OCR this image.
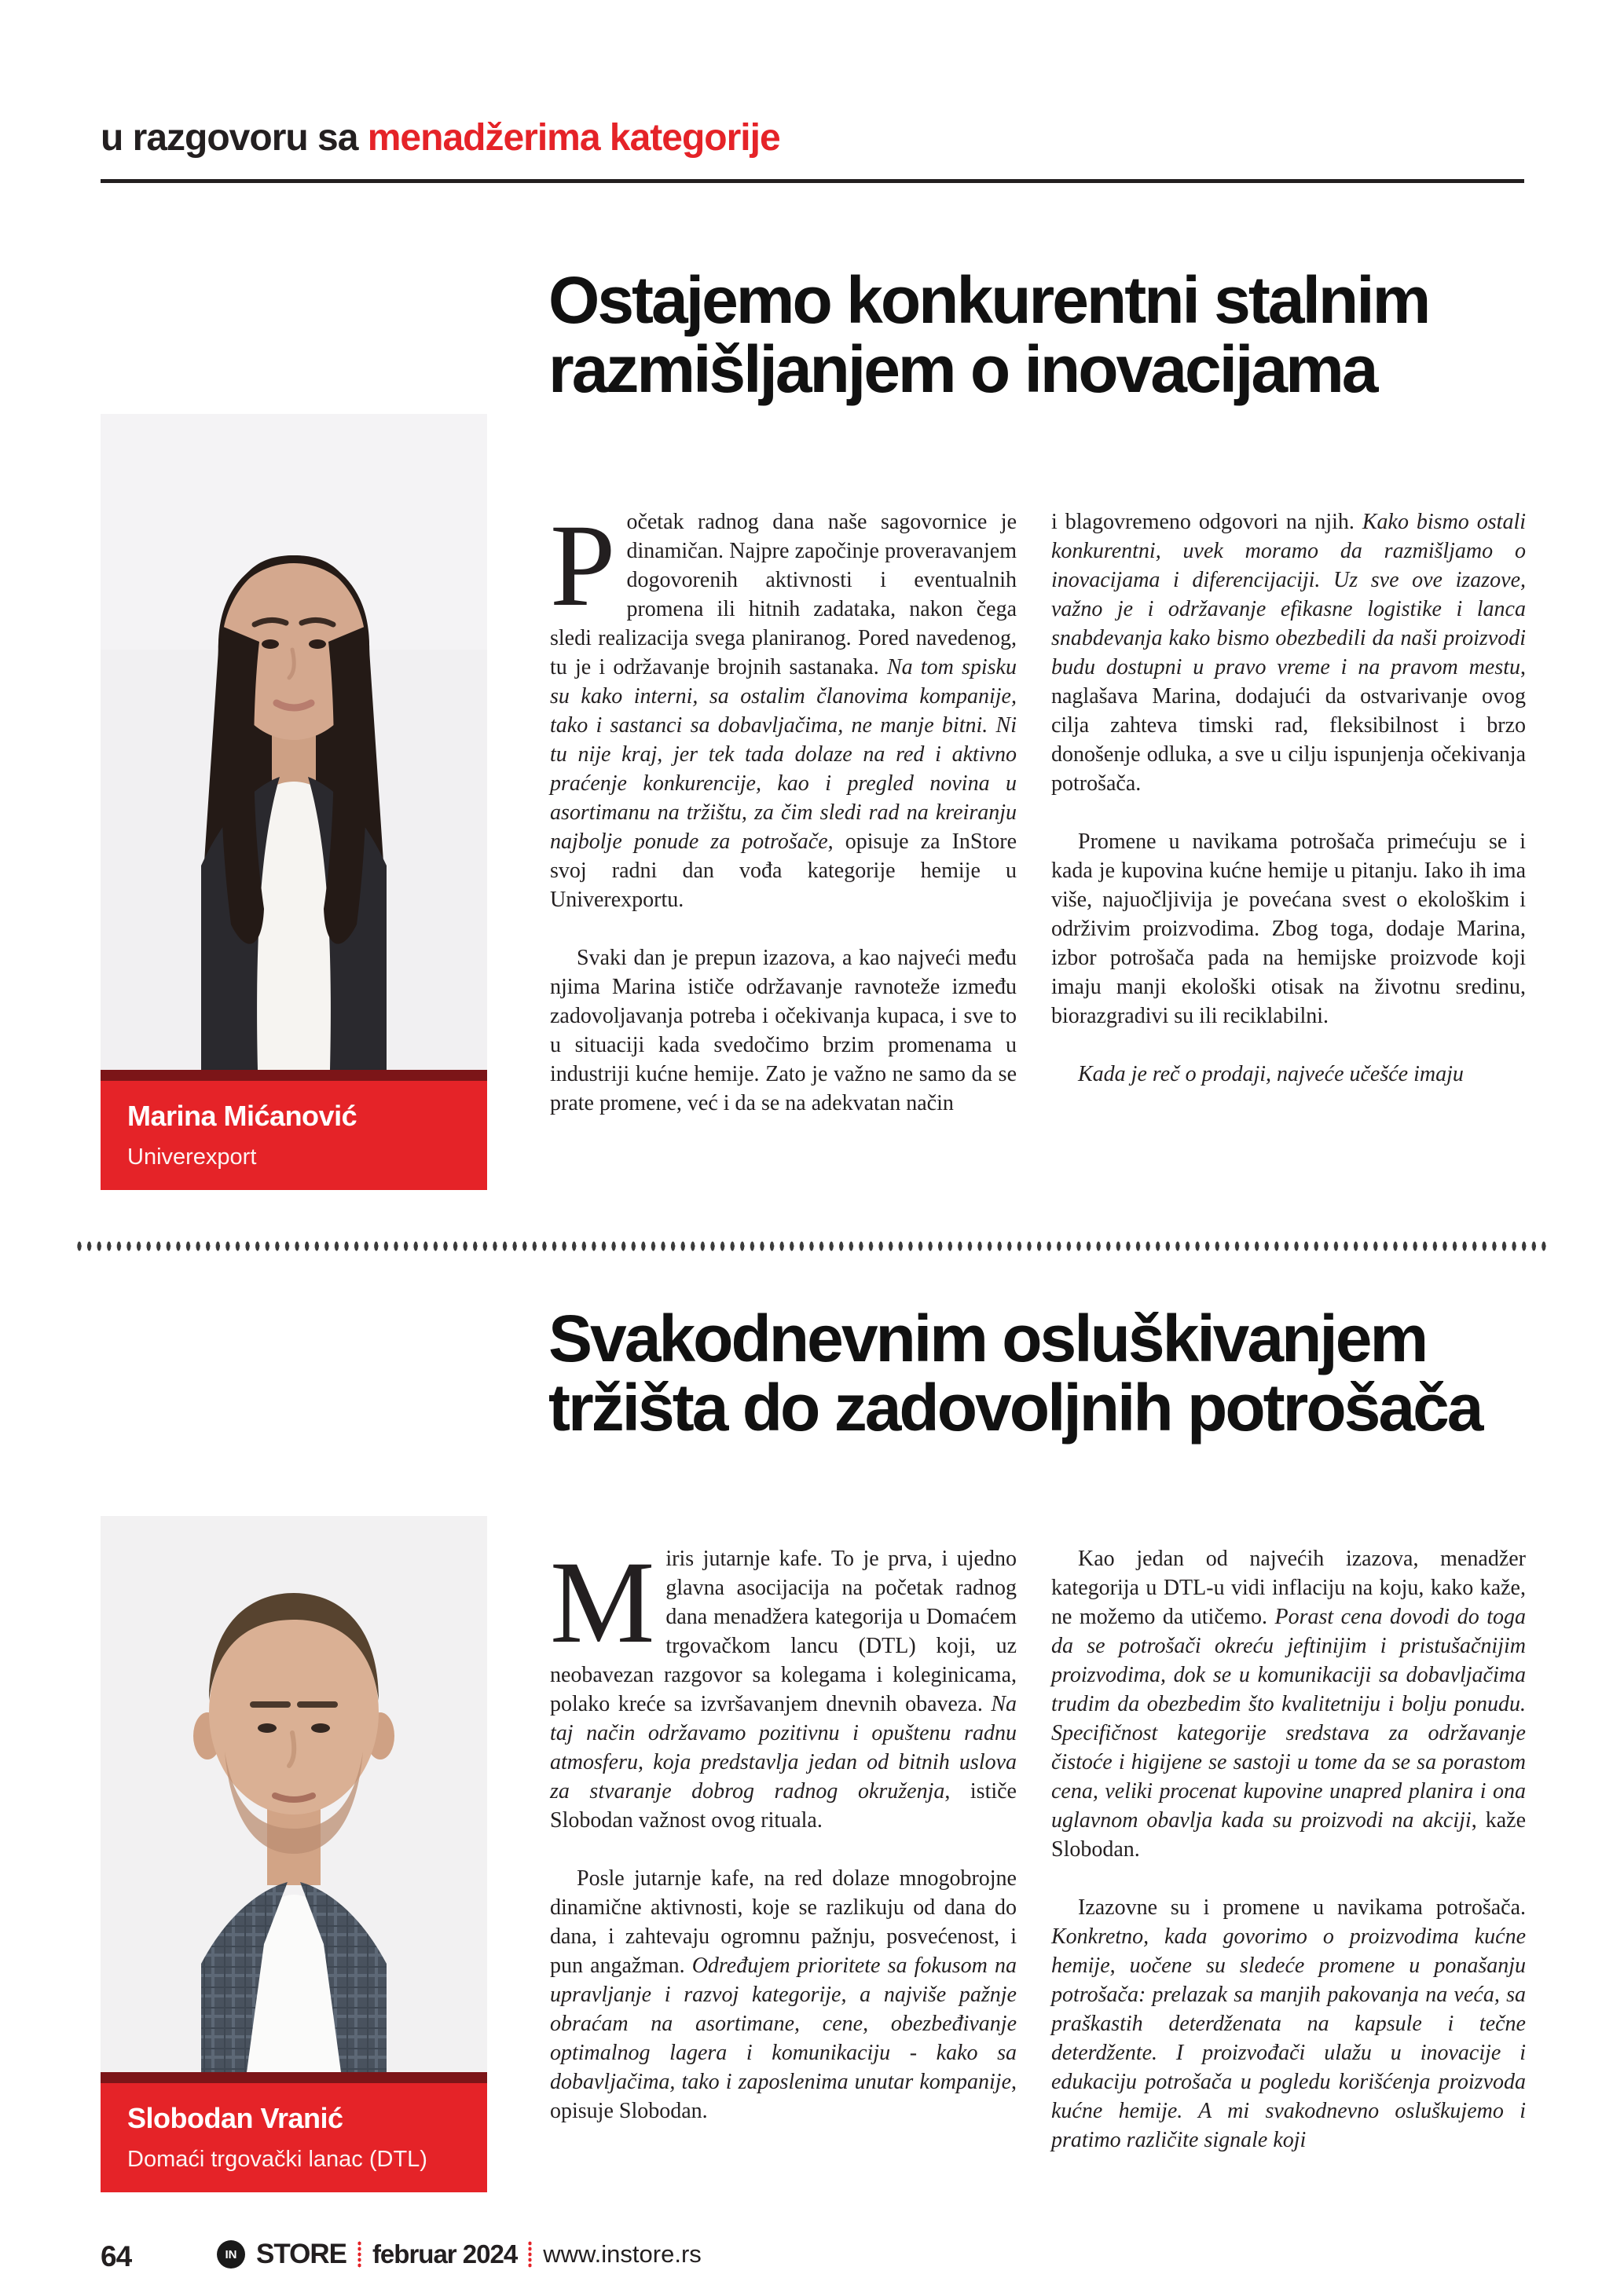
u razgovoru sa menadžerima kategorije
Ostajemo konkurentni stalnim
razmišljanjem o inovacijama
Marina Mićanović
Univerexport

Početak radnog dana naše sagovornice je dinamičan. Najpre započinje proveravanjem dogovorenih aktivnosti i eventualnih promena ili hitnih zadataka, nakon čega sledi realizacija svega planiranog. Pored navedenog, tu je i održavanje brojnih sastanaka. Na tom spisku su kako interni, sa ostalim članovima kompanije, tako i sastanci sa dobavljačima, ne manje bitni. Ni tu nije kraj, jer tek tada dolaze na red i aktivno praćenje konkurencije, kao i pregled novina u asortimanu na tržištu, za čim sledi rad na kreiranju najbolje ponude za potrošače, opisuje za InStore svoj radni dan vođa kategorije hemije u Univerexportu.

Svaki dan je prepun izazova, a kao najveći među njima Marina ističe održavanje ravnoteže između zadovoljavanja potreba i očekivanja kupaca, i sve to u situaciji kada svedočimo brzim promenama u industriji kućne hemije. Zato je važno ne samo da se prate promene, već i da se na adekvatan način

i blagovremeno odgovori na njih. Kako bismo ostali konkurentni, uvek moramo da razmišljamo o inovacijama i diferencijaciji. Uz sve ove izazove, važno je i održavanje efikasne logistike i lanca snabdevanja kako bismo obezbedili da naši proizvodi budu dostupni u pravo vreme i na pravom mestu, naglašava Marina, dodajući da ostvarivanje ovog cilja zahteva timski rad, fleksibilnost i brzo donošenje odluka, a sve u cilju ispunjenja očekivanja potrošača.

Promene u navikama potrošača primećuju se i kada je kupovina kućne hemije u pitanju. Iako ih ima više, najuočljivija je povećana svest o ekološkim i održivim proizvodima. Zbog toga, dodaje Marina, izbor potrošača pada na hemijske proizvode koji imaju manji ekološki otisak na životnu sredinu, biorazgradivi su ili reciklabilni.

Kada je reč o prodaji, najveće učešće imaju

Svakodnevnim osluškivanjem
tržišta do zadovoljnih potrošača
Slobodan Vranić
Domaći trgovački lanac (DTL)

Miris jutarnje kafe. To je prva, i ujedno glavna asocijacija na početak radnog dana menadžera kategorija u Domaćem trgovačkom lancu (DTL) koji, uz neobavezan razgovor sa kolegama i koleginicama, polako kreće sa izvršavanjem dnevnih obaveza. Na taj način održavamo pozitivnu i opuštenu radnu atmosferu, koja predstavlja jedan od bitnih uslova za stvaranje dobrog radnog okruženja, ističe Slobodan važnost ovog rituala.

Posle jutarnje kafe, na red dolaze mnogobrojne dinamične aktivnosti, koje se razlikuju od dana do dana, i zahtevaju ogromnu pažnju, posvećenost, i pun angažman. Određujem prioritete sa fokusom na upravljanje i razvoj kategorije, a najviše pažnje obraćam na asortimane, cene, obezbeđivanje optimalnog lagera i komunikaciju - kako sa dobavljačima, tako i zaposlenima unutar kompanije, opisuje Slobodan.

Kao jedan od najvećih izazova, menadžer kategorija u DTL-u vidi inflaciju na koju, kako kaže, ne možemo da utičemo. Porast cena dovodi do toga da se potrošači okreću jeftinijim i pristušačnijim proizvodima, dok se u komunikaciji sa dobavljačima trudim da obezbedim što kvalitetniju i bolju ponudu. Specifičnost kategorije sredstava za održavanje čistoće i higijene se sastoji u tome da se sa porastom cena, veliki procenat kupovine unapred planira i ona uglavnom obavlja kada su proizvodi na akciji, kaže Slobodan.

Izazovne su i promene u navikama potrošača. Konkretno, kada govorimo o proizvodima kućne hemije, uočene su sledeće promene u ponašanju potrošača: prelazak sa manjih pakovanja na veća, sa praškastih deterdženata na kapsule i tečne deterdžente. I proizvođači ulažu u inovacije i edukaciju potrošača u pogledu korišćenja proizvoda kućne hemije. A mi svakodnevno osluškujemo i pratimo različite signale koji

64	IN STORE februar 2024 www.instore.rs
